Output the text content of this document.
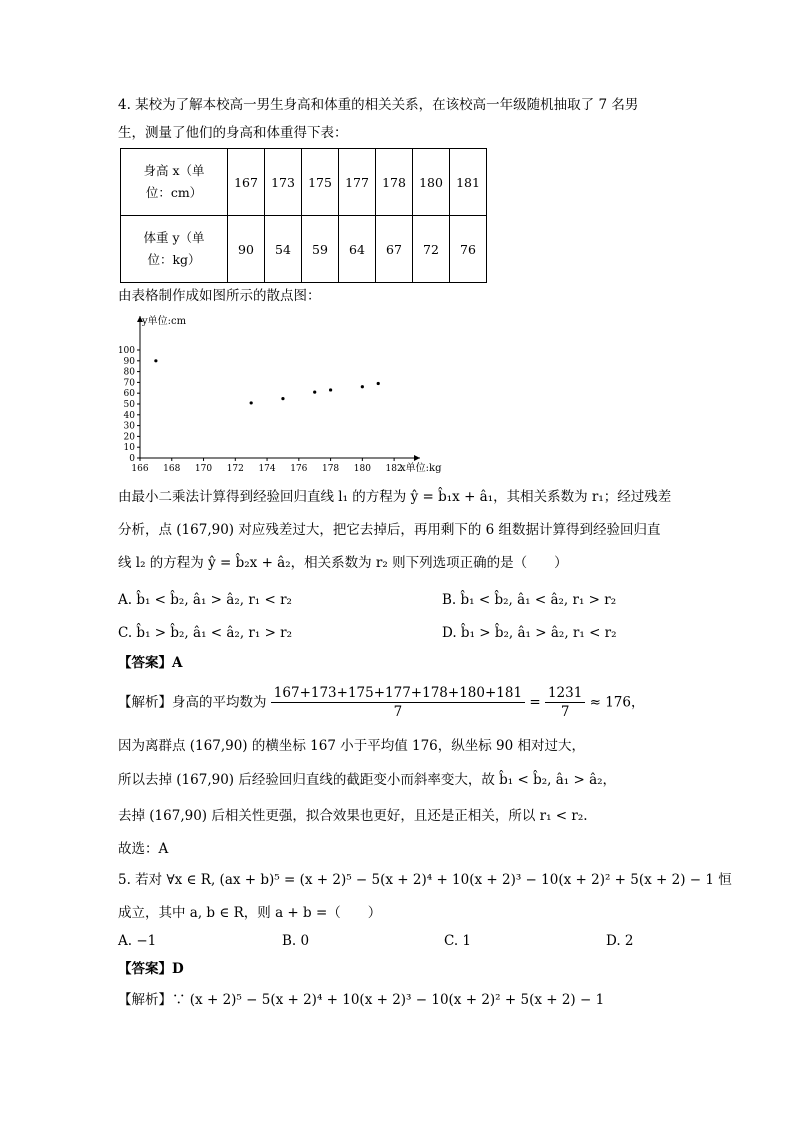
4. 某校为了解本校高一男生身高和体重的相关关系，在该校高一年级随机抽取了 7 名男
生，测量了他们的身高和体重得下表：
身高 x（单
位：cm）	167	173	175	177	178	180	181

体重 y（单
位：kg）	90	54	59	64	67	72	76
由表格制作成如图所示的散点图：
166 168 170 172 174 176 178 180 182
0
10
20
30
40
50
60
70
80
90
100
y单位:cm
x单位:kg
由最小二乘法计算得到经验回归直线 l₁ 的方程为 ŷ = b̂₁x + â₁，其相关系数为 r₁；经过残差
分析，点 (167,90) 对应残差过大，把它去掉后，再用剩下的 6 组数据计算得到经验回归直
线 l₂ 的方程为 ŷ = b̂₂x + â₂，相关系数为 r₂ 则下列选项正确的是（　　）
A. b̂₁ < b̂₂, â₁ > â₂, r₁ < r₂	B. b̂₁ < b̂₂, â₁ < â₂, r₁ > r₂
C. b̂₁ > b̂₂, â₁ < â₂, r₁ > r₂	D. b̂₁ > b̂₂, â₁ > â₂, r₁ < r₂
【答案】A
【解析】身高的平均数为 $\frac{167+173+175+177+178+180+181}{7} = \frac{1231}{7} \approx 176$，
因为离群点 (167,90) 的横坐标 167 小于平均值 176，纵坐标 90 相对过大，
所以去掉 (167,90) 后经验回归直线的截距变小而斜率变大，故 b̂₁ < b̂₂, â₁ > â₂，
去掉 (167,90) 后相关性更强，拟合效果也更好，且还是正相关，所以 r₁ < r₂.
故选：A
5. 若对 ∀x ∈ R, (ax + b)⁵ = (x + 2)⁵ − 5(x + 2)⁴ + 10(x + 2)³ − 10(x + 2)² + 5(x + 2) − 1 恒
成立，其中 a, b ∈ R，则 a + b =（　　）
A. −1	B. 0	C. 1	D. 2
【答案】D
【解析】∵ (x + 2)⁵ − 5(x + 2)⁴ + 10(x + 2)³ − 10(x + 2)² + 5(x + 2) − 1
